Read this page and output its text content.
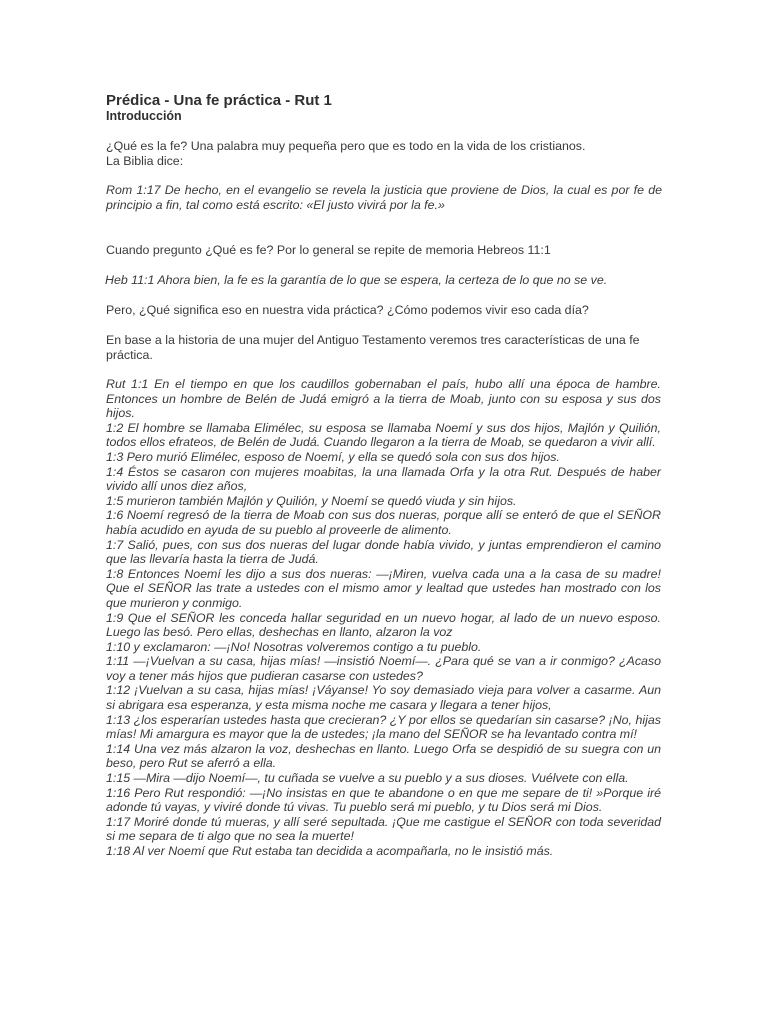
Prédica - Una fe práctica - Rut 1
Introducción
¿Qué es la fe? Una palabra muy pequeña pero que es todo en la vida de los cristianos.
La Biblia dice:
Rom 1:17 De hecho, en el evangelio se revela la justicia que proviene de Dios, la cual es por fe de principio a fin, tal como está escrito: «El justo vivirá por la fe.»
Cuando pregunto ¿Qué es fe? Por lo general se repite de memoria Hebreos 11:1
Heb 11:1 Ahora bien, la fe es la garantía de lo que se espera, la certeza de lo que no se ve.
Pero, ¿Qué significa eso en nuestra vida práctica? ¿Cómo podemos vivir eso cada día?
En base a la historia de una mujer del Antiguo Testamento veremos tres características de una fe práctica.
Rut 1:1 En el tiempo en que los caudillos gobernaban el país, hubo allí una época de hambre. Entonces un hombre de Belén de Judá emigró a la tierra de Moab, junto con su esposa y sus dos hijos.
1:2 El hombre se llamaba Elimélec, su esposa se llamaba Noemí y sus dos hijos, Majlón y Quilión, todos ellos efrateos, de Belén de Judá. Cuando llegaron a la tierra de Moab, se quedaron a vivir allí.
1:3 Pero murió Elimélec, esposo de Noemí, y ella se quedó sola con sus dos hijos.
1:4 Éstos se casaron con mujeres moabitas, la una llamada Orfa y la otra Rut. Después de haber vivido allí unos diez años,
1:5 murieron también Majlón y Quilión, y Noemí se quedó viuda y sin hijos.
1:6 Noemí regresó de la tierra de Moab con sus dos nueras, porque allí se enteró de que el SEÑOR había acudido en ayuda de su pueblo al proveerle de alimento.
1:7 Salió, pues, con sus dos nueras del lugar donde había vivido, y juntas emprendieron el camino que las llevaría hasta la tierra de Judá.
1:8 Entonces Noemí les dijo a sus dos nueras: —¡Miren, vuelva cada una a la casa de su madre! Que el SEÑOR las trate a ustedes con el mismo amor y lealtad que ustedes han mostrado con los que murieron y conmigo.
1:9 Que el SEÑOR les conceda hallar seguridad en un nuevo hogar, al lado de un nuevo esposo. Luego las besó. Pero ellas, deshechas en llanto, alzaron la voz
1:10 y exclamaron: —¡No! Nosotras volveremos contigo a tu pueblo.
1:11 —¡Vuelvan a su casa, hijas mías! —insistió Noemí—. ¿Para qué se van a ir conmigo? ¿Acaso voy a tener más hijos que pudieran casarse con ustedes?
1:12 ¡Vuelvan a su casa, hijas mías! ¡Váyanse! Yo soy demasiado vieja para volver a casarme. Aun si abrigara esa esperanza, y esta misma noche me casara y llegara a tener hijos,
1:13 ¿los esperarían ustedes hasta que crecieran? ¿Y por ellos se quedarían sin casarse? ¡No, hijas mías! Mi amargura es mayor que la de ustedes; ¡la mano del SEÑOR se ha levantado contra mí!
1:14 Una vez más alzaron la voz, deshechas en llanto. Luego Orfa se despidió de su suegra con un beso, pero Rut se aferró a ella.
1:15 —Mira —dijo Noemí—, tu cuñada se vuelve a su pueblo y a sus dioses. Vuélvete con ella.
1:16 Pero Rut respondió: —¡No insistas en que te abandone o en que me separe de ti! »Porque iré adonde tú vayas, y viviré donde tú vivas. Tu pueblo será mi pueblo, y tu Dios será mi Dios.
1:17 Moriré donde tú mueras, y allí seré sepultada. ¡Que me castigue el SEÑOR con toda severidad si me separa de ti algo que no sea la muerte!
1:18 Al ver Noemí que Rut estaba tan decidida a acompañarla, no le insistió más.
